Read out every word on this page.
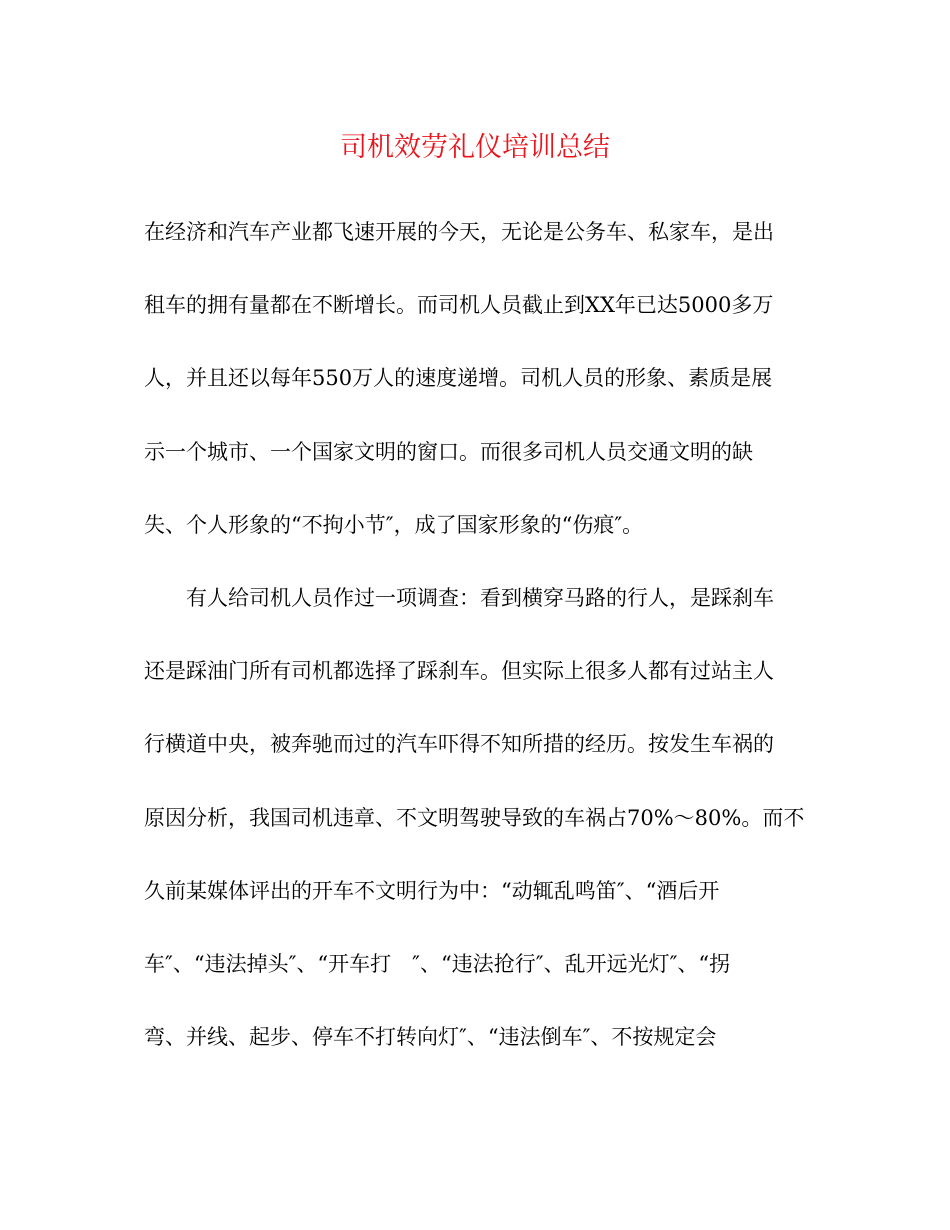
司机效劳礼仪培训总结

在经济和汽车产业都飞速开展的今天，无论是公务车、私家车，是出

租车的拥有量都在不断增长。而司机人员截止到XX年已达5000多万

人，并且还以每年550万人的速度递增。司机人员的形象、素质是展

示一个城市、一个国家文明的窗口。而很多司机人员交通文明的缺

失、个人形象的“不拘小节″，成了国家形象的“伤痕″。

有人给司机人员作过一项调查：看到横穿马路的行人，是踩刹车

还是踩油门所有司机都选择了踩刹车。但实际上很多人都有过站主人

行横道中央，被奔驰而过的汽车吓得不知所措的经历。按发生车祸的

原因分析，我国司机违章、不文明驾驶导致的车祸占70%～80%。而不

久前某媒体评出的开车不文明行为中：“动辄乱鸣笛″、“酒后开

车″、“违法掉头″、“开车打　″、“违法抢行″、乱开远光灯″、“拐

弯、并线、起步、停车不打转向灯″、“违法倒车″、不按规定会
